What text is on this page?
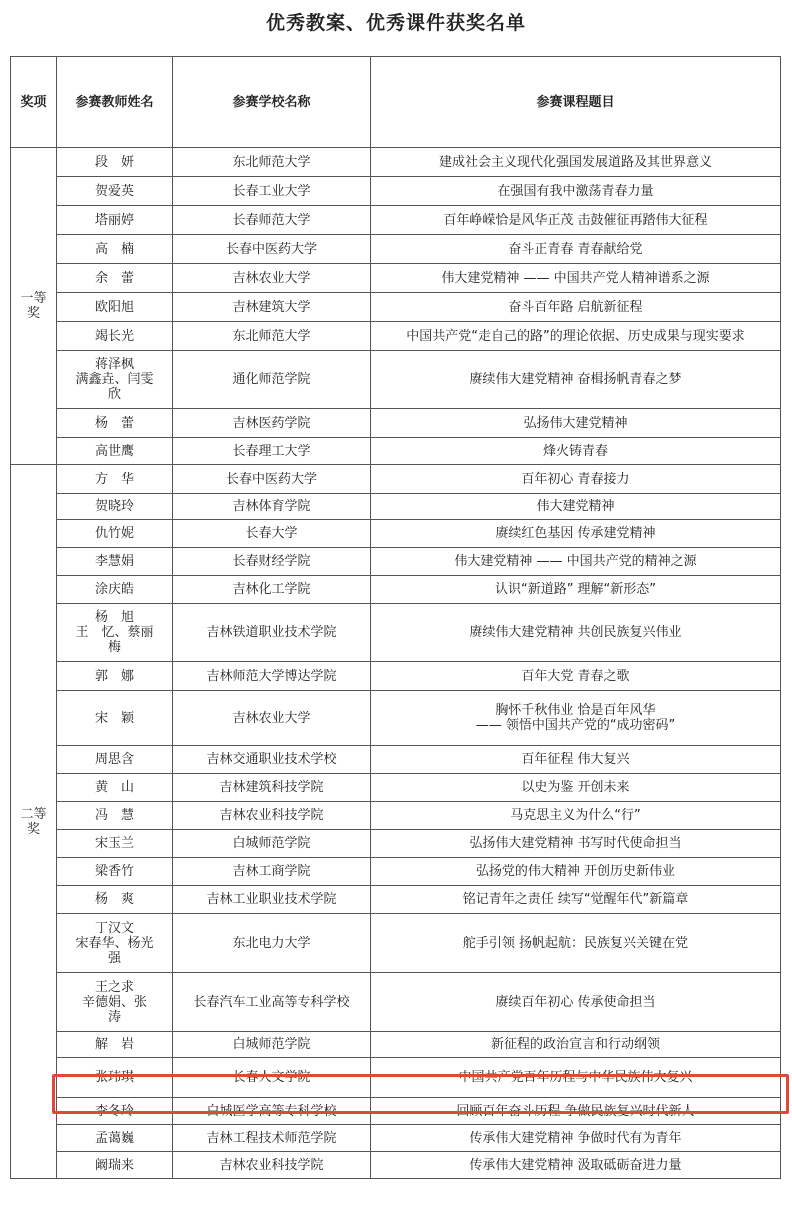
优秀教案、优秀课件获奖名单
奖项	参赛教师姓名	参赛学校名称	参赛课程题目
一等
奖	段　妍	东北师范大学	建成社会主义现代化强国发展道路及其世界意义
	贺爱英	长春工业大学	在强国有我中激荡青春力量
	塔丽婷	长春师范大学	百年峥嵘恰是风华正茂 击鼓催征再踏伟大征程
	高　楠	长春中医药大学	奋斗正青春 青春献给党
	余　蕾	吉林农业大学	伟大建党精神 —— 中国共产党人精神谱系之源
	欧阳旭	吉林建筑大学	奋斗百年路 启航新征程
	竭长光	东北师范大学	中国共产党“走自己的路”的理论依据、历史成果与现实要求
	蒋泽枫
满鑫垚、闫雯
欣	通化师范学院	赓续伟大建党精神 奋楫扬帆青春之梦
	杨　蕾	吉林医药学院	弘扬伟大建党精神
	高世鹰	长春理工大学	烽火铸青春
二等
奖	方　华	长春中医药大学	百年初心 青春接力
	贺晓玲	吉林体育学院	伟大建党精神
	仇竹妮	长春大学	赓续红色基因 传承建党精神
	李慧娟	长春财经学院	伟大建党精神 —— 中国共产党的精神之源
	涂庆皓	吉林化工学院	认识“新道路” 理解“新形态”
	杨　旭
王　忆、蔡丽
梅	吉林铁道职业技术学院	赓续伟大建党精神 共创民族复兴伟业
	郭　娜	吉林师范大学博达学院	百年大党 青春之歌
	宋　颖	吉林农业大学	胸怀千秋伟业 恰是百年风华
—— 领悟中国共产党的“成功密码”
	周思含	吉林交通职业技术学校	百年征程 伟大复兴
	黄　山	吉林建筑科技学院	以史为鉴 开创未来
	冯　慧	吉林农业科技学院	马克思主义为什么“行”
	宋玉兰	白城师范学院	弘扬伟大建党精神 书写时代使命担当
	梁香竹	吉林工商学院	弘扬党的伟大精神 开创历史新伟业
	杨　爽	吉林工业职业技术学院	铭记青年之责任 续写“觉醒年代”新篇章
	丁汉文
宋春华、杨光
强	东北电力大学	舵手引领 扬帆起航：民族复兴关键在党
	王之求
辛德娟、张
涛	长春汽车工业高等专科学校	赓续百年初心 传承使命担当
	解　岩	白城师范学院	新征程的政治宣言和行动纲领
	张玮琪	长春人文学院	中国共产党百年历程与中华民族伟大复兴
	李冬玲	白城医学高等专科学校	回顾百年奋斗历程 争做民族复兴时代新人
	孟蔼巍	吉林工程技术师范学院	传承伟大建党精神 争做时代有为青年
	阚瑞来	吉林农业科技学院	传承伟大建党精神 汲取砥砺奋进力量
